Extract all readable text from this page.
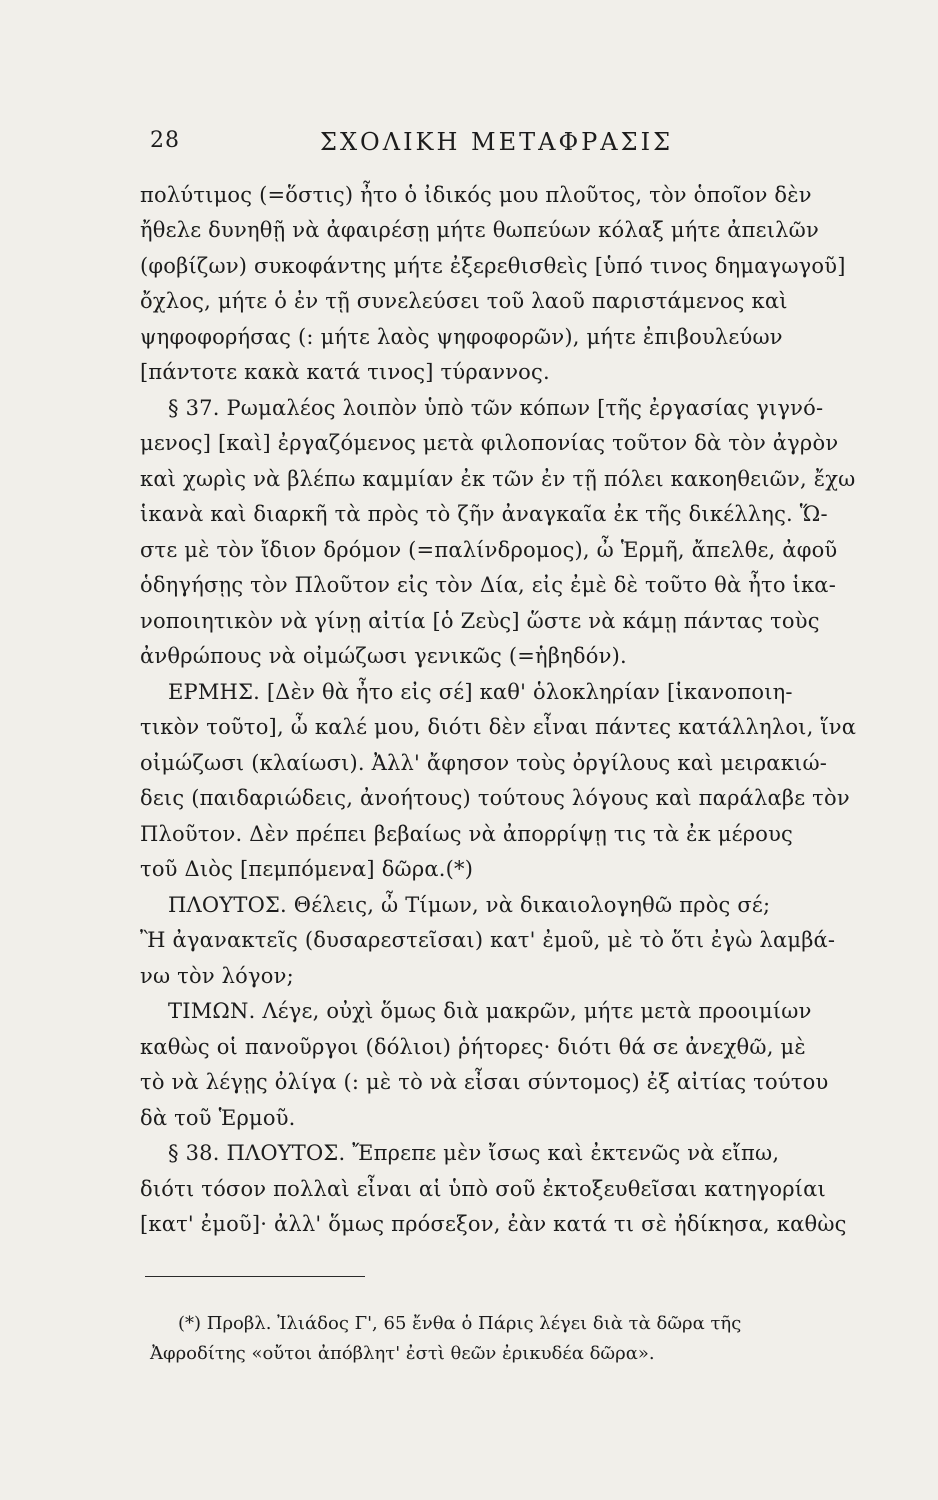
28	ΣΧΟΛΙΚΗ ΜΕΤΑΦΡΑΣΙΣ
πολύτιμος (=ὅστις) ἦτο ὁ ἰδικός μου πλοῦτος, τὸν ὁποῖον δὲν
ἤθελε δυνηθῇ νὰ ἀφαιρέσῃ μήτε θωπεύων κόλαξ μήτε ἀπειλῶν
(φοβίζων) συκοφάντης μήτε ἐξερεθισθεὶς [ὑπό τινος δημαγωγοῦ]
ὄχλος, μήτε ὁ ἐν τῇ συνελεύσει τοῦ λαοῦ παριστάμενος καὶ
ψηφοφορήσας (: μήτε λαὸς ψηφοφορῶν), μήτε ἐπιβουλεύων
[πάντοτε κακὰ κατά τινος] τύραννος.
§ 37. Ρωμαλέος λοιπὸν ὑπὸ τῶν κόπων [τῆς ἐργασίας γιγνό-
μενος] [καὶ] ἐργαζόμενος μετὰ φιλοπονίας τοῦτον δὰ τὸν ἀγρὸν
καὶ χωρὶς νὰ βλέπω καμμίαν ἐκ τῶν ἐν τῇ πόλει κακοηθειῶν, ἔχω
ἱκανὰ καὶ διαρκῆ τὰ πρὸς τὸ ζῆν ἀναγκαῖα ἐκ τῆς δικέλλης. Ὥ-
στε μὲ τὸν ἴδιον δρόμον (=παλίνδρομος), ὦ Ἑρμῆ, ἄπελθε, ἀφοῦ
ὁδηγήσῃς τὸν Πλοῦτον εἰς τὸν Δία, εἰς ἐμὲ δὲ τοῦτο θὰ ἦτο ἱκα-
νοποιητικὸν νὰ γίνῃ αἰτία [ὁ Ζεὺς] ὥστε νὰ κάμῃ πάντας τοὺς
ἀνθρώπους νὰ οἰμώζωσι γενικῶς (=ἡβηδόν).
ΕΡΜΗΣ. [Δὲν θὰ ἦτο εἰς σέ] καθ' ὁλοκληρίαν [ἱκανοποιη-
τικὸν τοῦτο], ὦ καλέ μου, διότι δὲν εἶναι πάντες κατάλληλοι, ἵνα
οἰμώζωσι (κλαίωσι). Ἀλλ' ἄφησον τοὺς ὀργίλους καὶ μειρακιώ-
δεις (παιδαριώδεις, ἀνοήτους) τούτους λόγους καὶ παράλαβε τὸν
Πλοῦτον. Δὲν πρέπει βεβαίως νὰ ἀπορρίψῃ τις τὰ ἐκ μέρους
τοῦ Διὸς [πεμπόμενα] δῶρα.(*)
ΠΛΟΥΤΟΣ. Θέλεις, ὦ Τίμων, νὰ δικαιολογηθῶ πρὸς σέ;
Ἢ ἀγανακτεῖς (δυσαρεστεῖσαι) κατ' ἐμοῦ, μὲ τὸ ὅτι ἐγὼ λαμβά-
νω τὸν λόγον;
ΤΙΜΩΝ. Λέγε, οὐχὶ ὅμως διὰ μακρῶν, μήτε μετὰ προοιμίων
καθὼς οἱ πανοῦργοι (δόλιοι) ῥήτορες· διότι θά σε ἀνεχθῶ, μὲ
τὸ νὰ λέγῃς ὀλίγα (: μὲ τὸ νὰ εἶσαι σύντομος) ἐξ αἰτίας τούτου
δὰ τοῦ Ἑρμοῦ.
§ 38. ΠΛΟΥΤΟΣ. Ἔπρεπε μὲν ἴσως καὶ ἐκτενῶς νὰ εἴπω,
διότι τόσον πολλαὶ εἶναι αἱ ὑπὸ σοῦ ἐκτοξευθεῖσαι κατηγορίαι
[κατ' ἐμοῦ]· ἀλλ' ὅμως πρόσεξον, ἐὰν κατά τι σὲ ἠδίκησα, καθὼς
(*) Προβλ. Ἰλιάδος Γ', 65 ἔνθα ὁ Πάρις λέγει διὰ τὰ δῶρα τῆς
Ἀφροδίτης «οὔτοι ἀπόβλητ' ἐστὶ θεῶν ἐρικυδέα δῶρα».
